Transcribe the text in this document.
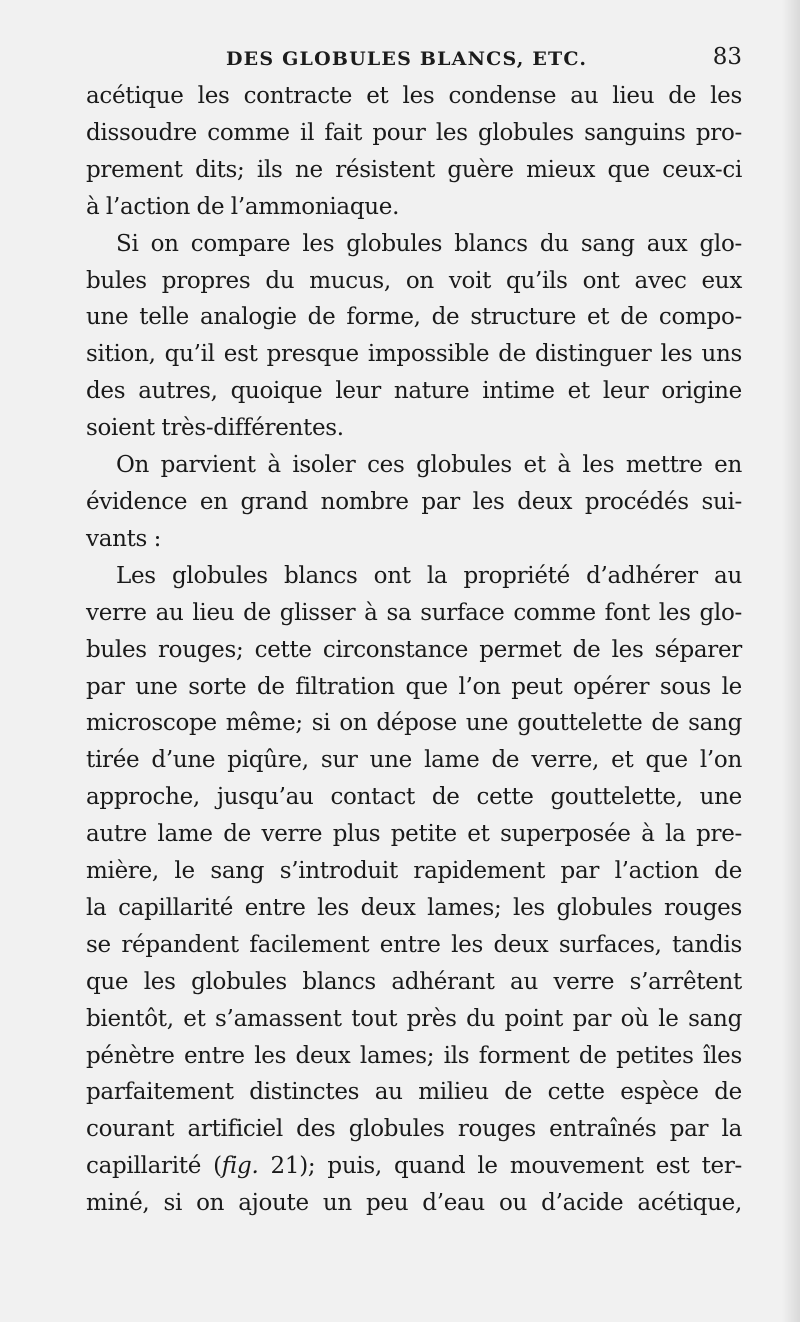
DES GLOBULES BLANCS, ETC.	83

acétique les contracte et les condense au lieu de les

dissoudre comme il fait pour les globules sanguins pro-

prement dits; ils ne résistent guère mieux que ceux-ci

à l’action de l’ammoniaque.

Si on compare les globules blancs du sang aux glo-

bules propres du mucus, on voit qu’ils ont avec eux

une telle analogie de forme, de structure et de compo-

sition, qu’il est presque impossible de distinguer les uns

des autres, quoique leur nature intime et leur origine

soient très-différentes.

On parvient à isoler ces globules et à les mettre en

évidence en grand nombre par les deux procédés sui-

vants :

Les globules blancs ont la propriété d’adhérer au

verre au lieu de glisser à sa surface comme font les glo-

bules rouges; cette circonstance permet de les séparer

par une sorte de filtration que l’on peut opérer sous le

microscope même; si on dépose une gouttelette de sang

tirée d’une piqûre, sur une lame de verre, et que l’on

approche, jusqu’au contact de cette gouttelette, une

autre lame de verre plus petite et superposée à la pre-

mière, le sang s’introduit rapidement par l’action de

la capillarité entre les deux lames; les globules rouges

se répandent facilement entre les deux surfaces, tandis

que les globules blancs adhérant au verre s’arrêtent

bientôt, et s’amassent tout près du point par où le sang

pénètre entre les deux lames; ils forment de petites îles

parfaitement distinctes au milieu de cette espèce de

courant artificiel des globules rouges entraînés par la

capillarité (fig. 21); puis, quand le mouvement est ter-

miné, si on ajoute un peu d’eau ou d’acide acétique,
